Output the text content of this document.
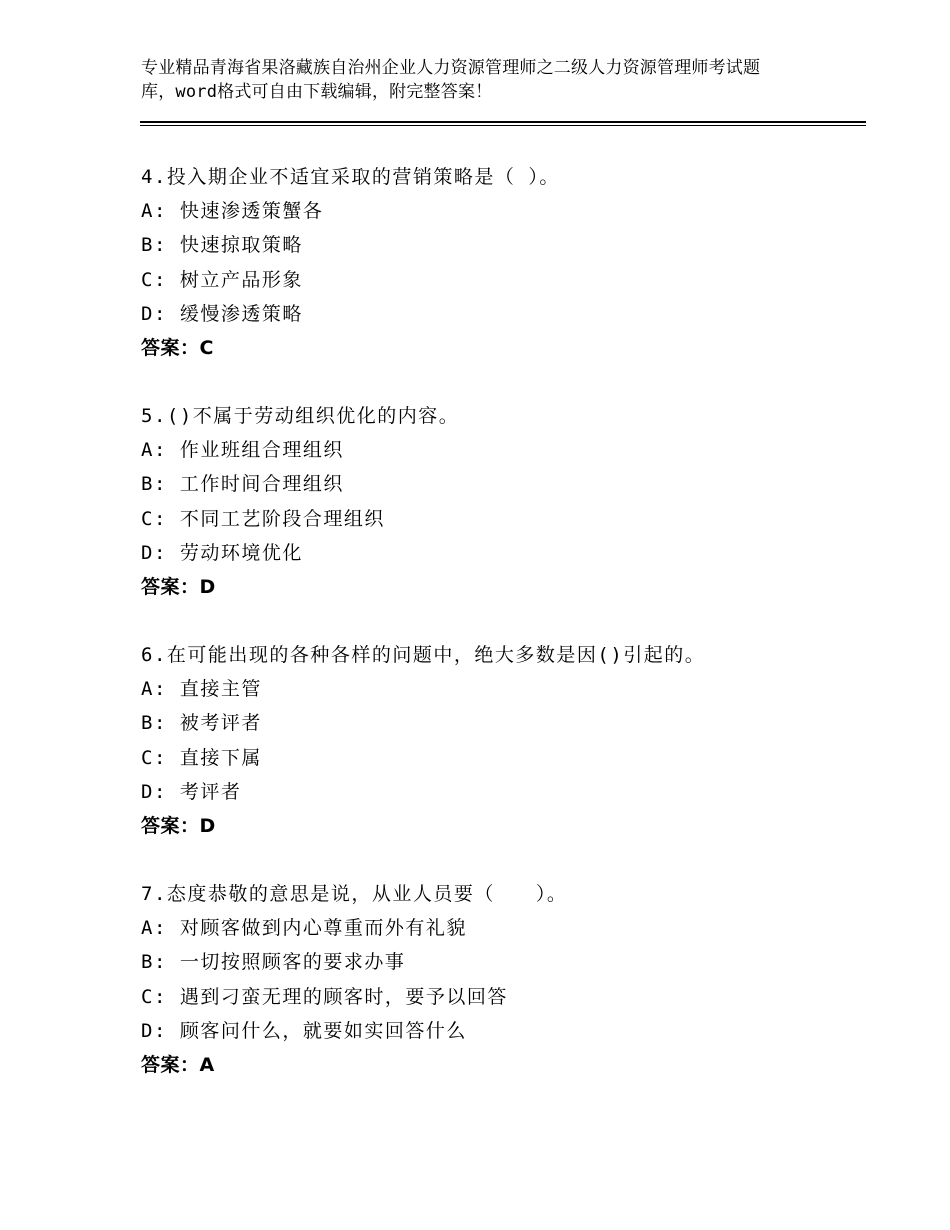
专业精品青海省果洛藏族自治州企业人力资源管理师之二级人力资源管理师考试题
库，word格式可自由下载编辑，附完整答案！
4.投入期企业不适宜采取的营销策略是（ ）。
A: 快速渗透策蟹各
B: 快速掠取策略
C: 树立产品形象
D: 缓慢渗透策略
答案：C
5.()不属于劳动组织优化的内容。
A: 作业班组合理组织
B: 工作时间合理组织
C: 不同工艺阶段合理组织
D: 劳动环境优化
答案：D
6.在可能出现的各种各样的问题中，绝大多数是因()引起的。
A: 直接主管
B: 被考评者
C: 直接下属
D: 考评者
答案：D
7.态度恭敬的意思是说，从业人员要（　　）。
A: 对顾客做到内心尊重而外有礼貌
B: 一切按照顾客的要求办事
C: 遇到刁蛮无理的顾客时，要予以回答
D: 顾客问什么，就要如实回答什么
答案：A
